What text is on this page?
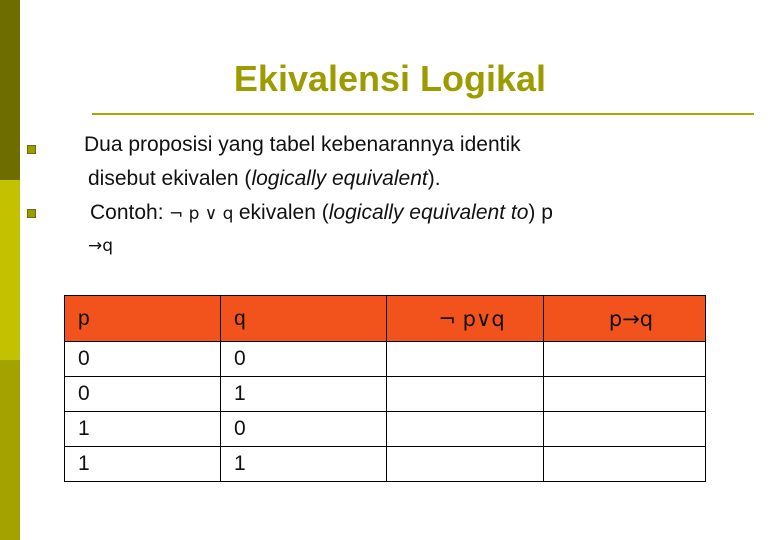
Ekivalensi Logikal
Dua proposisi yang tabel kebenarannya identik
disebut ekivalen (logically equivalent).
Contoh: ¬ p ∨ q ekivalen (logically equivalent to) p
→q
p	q	¬ p∨q	p→q
0	0		
0	1		
1	0		
1	1		
